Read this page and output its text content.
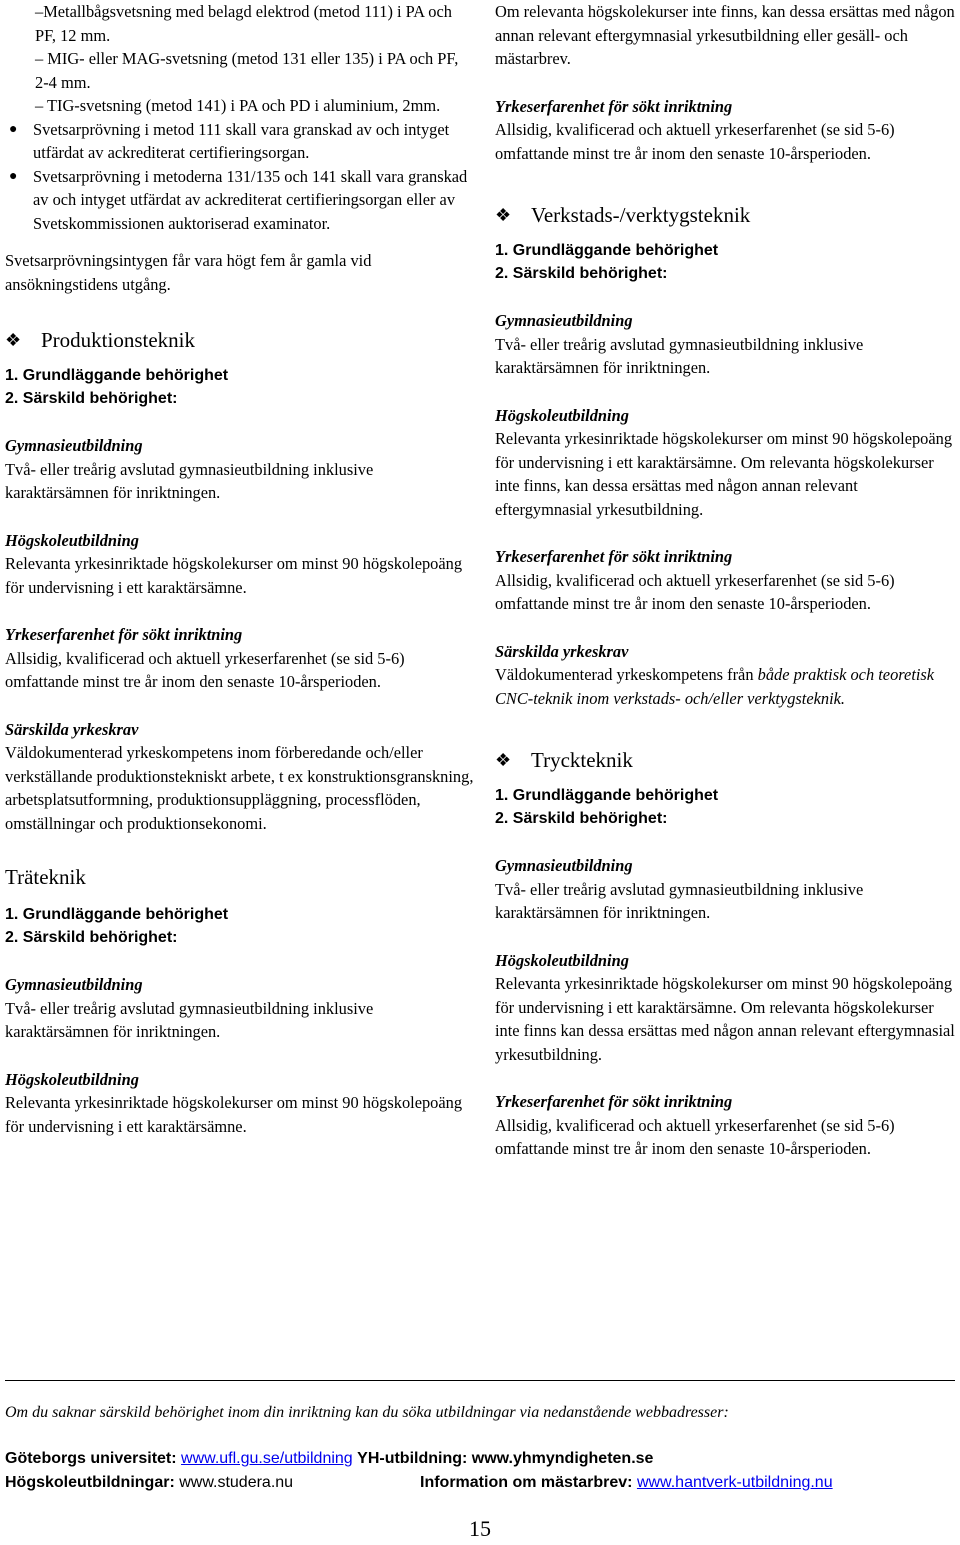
–Metallbågsvetsning med belagd elektrod (metod 111) i PA och PF, 12 mm.
– MIG- eller MAG-svetsning (metod 131 eller 135) i PA och PF, 2-4 mm.
– TIG-svetsning (metod 141) i PA och PD i aluminium, 2mm.
● Svetsarprövning i metod 111 skall vara granskad av och intyget utfärdat av ackrediterat certifieringsorgan.
● Svetsarprövning i metoderna 131/135 och 141 skall vara granskad av och intyget utfärdat av ackrediterat certifieringsorgan eller av Svetskommissionen auktoriserad examinator.

Svetsarprövningsintygen får vara högt fem år gamla vid ansökningstidens utgång.

❖ Produktionsteknik

1. Grundläggande behörighet

2. Särskild behörighet:

Gymnasieutbildning

Två- eller treårig avslutad gymnasieutbildning inklusive karaktärsämnen för inriktningen.

Högskoleutbildning

Relevanta yrkesinriktade högskolekurser om minst 90 högskolepoäng för undervisning i ett karaktärsämne.

Yrkeserfarenhet för sökt inriktning

Allsidig, kvalificerad och aktuell yrkeserfarenhet (se sid 5-6) omfattande minst tre år inom den senaste 10-årsperioden.

Särskilda yrkeskrav

Väldokumenterad yrkeskompetens inom förberedande och/eller verkställande produktionstekniskt arbete, t ex konstruktionsgranskning, arbetsplatsutformning, produktionsuppläggning, processflöden, omställningar och produktionsekonomi.

Träteknik

1. Grundläggande behörighet

2. Särskild behörighet:

Gymnasieutbildning

Två- eller treårig avslutad gymnasieutbildning inklusive karaktärsämnen för inriktningen.

Högskoleutbildning

Relevanta yrkesinriktade högskolekurser om minst 90 högskolepoäng för undervisning i ett karaktärsämne.

Om relevanta högskolekurser inte finns, kan dessa ersättas med någon annan relevant eftergymnasial yrkesutbildning eller gesäll- och mästarbrev.

Yrkeserfarenhet för sökt inriktning

Allsidig, kvalificerad och aktuell yrkeserfarenhet (se sid 5-6) omfattande minst tre år inom den senaste 10-årsperioden.

❖ Verkstads-/verktygsteknik

1. Grundläggande behörighet

2. Särskild behörighet:

Gymnasieutbildning

Två- eller treårig avslutad gymnasieutbildning inklusive karaktärsämnen för inriktningen.

Högskoleutbildning

Relevanta yrkesinriktade högskolekurser om minst 90 högskolepoäng för undervisning i ett karaktärsämne. Om relevanta högskolekurser inte finns, kan dessa ersättas med någon annan relevant eftergymnasial yrkesutbildning.

Yrkeserfarenhet för sökt inriktning

Allsidig, kvalificerad och aktuell yrkeserfarenhet (se sid 5-6) omfattande minst tre år inom den senaste 10-årsperioden.

Särskilda yrkeskrav

Väldokumenterad yrkeskompetens från både praktisk och teoretisk CNC-teknik inom verkstads- och/eller verktygsteknik.

❖ Tryckteknik

1. Grundläggande behörighet

2. Särskild behörighet:

Gymnasieutbildning

Två- eller treårig avslutad gymnasieutbildning inklusive karaktärsämnen för inriktningen.

Högskoleutbildning

Relevanta yrkesinriktade högskolekurser om minst 90 högskolepoäng för undervisning i ett karaktärsämne. Om relevanta högskolekurser inte finns kan dessa ersättas med någon annan relevant eftergymnasial yrkesutbildning.

Yrkeserfarenhet för sökt inriktning

Allsidig, kvalificerad och aktuell yrkeserfarenhet (se sid 5-6) omfattande minst tre år inom den senaste 10-årsperioden.

Om du saknar särskild behörighet inom din inriktning kan du söka utbildningar via nedanstående webbadresser:
Göteborgs universitet: www.ufl.gu.se/utbildning YH-utbildning: www.yhmyndigheten.se
Högskoleutbildningar: www.studera.nu	Information om mästarbrev: www.hantverk-utbildning.nu
15
